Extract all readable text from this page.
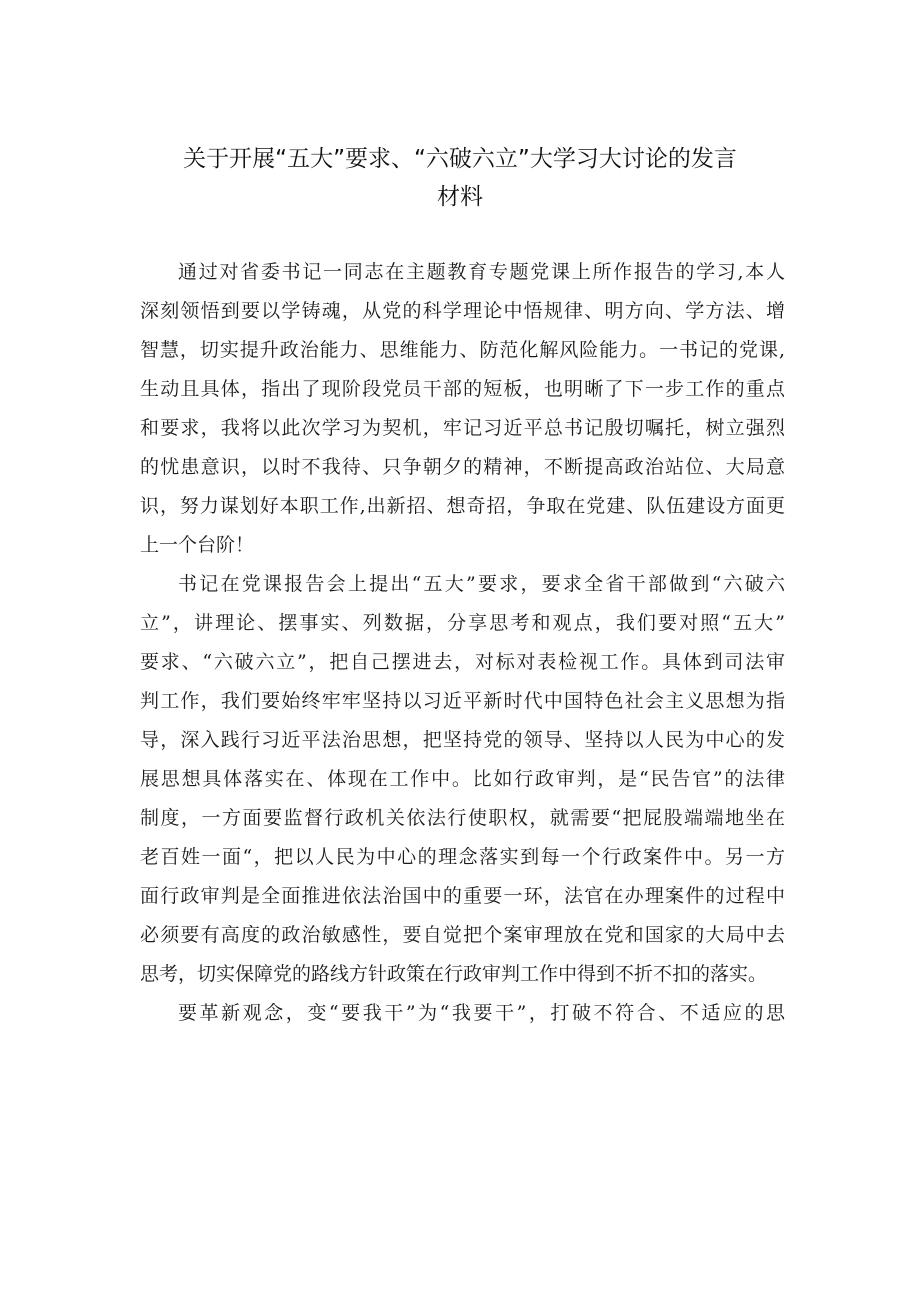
关于开展“五大”要求、“六破六立”大学习大讨论的发言
材料
通过对省委书记一同志在主题教育专题党课上所作报告的学习,本人
深刻领悟到要以学铸魂，从党的科学理论中悟规律、明方向、学方法、增
智慧，切实提升政治能力、思维能力、防范化解风险能力。一书记的党课,
生动且具体，指出了现阶段党员干部的短板，也明晰了下一步工作的重点
和要求，我将以此次学习为契机，牢记习近平总书记殷切嘱托，树立强烈
的忧患意识，以时不我待、只争朝夕的精神，不断提高政治站位、大局意
识，努力谋划好本职工作,出新招、想奇招，争取在党建、队伍建设方面更
上一个台阶！
书记在党课报告会上提出“五大”要求，要求全省干部做到“六破六
立”，讲理论、摆事实、列数据，分享思考和观点，我们要对照“五大”
要求、“六破六立”，把自己摆进去，对标对表检视工作。具体到司法审
判工作，我们要始终牢牢坚持以习近平新时代中国特色社会主义思想为指
导，深入践行习近平法治思想，把坚持党的领导、坚持以人民为中心的发
展思想具体落实在、体现在工作中。比如行政审判，是“民告官”的法律
制度，一方面要监督行政机关依法行使职权，就需要“把屁股端端地坐在
老百姓一面“，把以人民为中心的理念落实到每一个行政案件中。另一方
面行政审判是全面推进依法治国中的重要一环，法官在办理案件的过程中
必须要有高度的政治敏感性，要自觉把个案审理放在党和国家的大局中去
思考，切实保障党的路线方针政策在行政审判工作中得到不折不扣的落实。
要革新观念，变“要我干”为“我要干”，打破不符合、不适应的思
